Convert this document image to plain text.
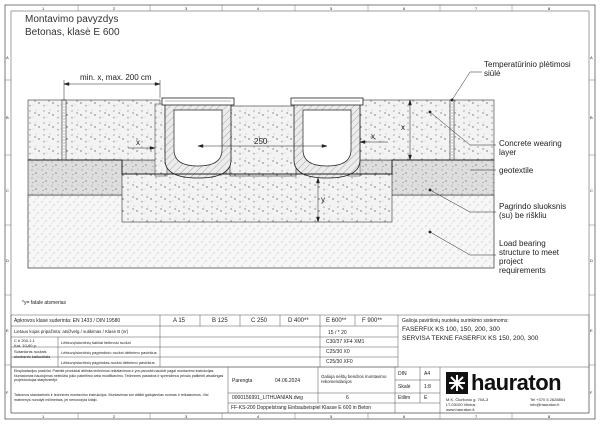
Montavimo pavyzdys
Betonas, klasė E 600
min. x, max. 200 cm
250
x
x
x
y
Temperatūrinio plėtimosi
siūlė
Concrete wearing
layer
geotextile
Pagrindo sluoksnis
(su) be riškliu
Load bearing
structure to meet
project
requirements
*y= fatale atsmerias
A
B
C
D
E
F
A
B
C
D
E
F
1	2	3	4	5	6	7	8
1	2	3	4	5	6	7	8
Apkrovos klasė suderinta: EN 1433 / DIN 19580
Lietaus kojas pripažinta: atsižvelg / sutikimas / Klasė B (nr)
A 15	B 125	C 250	D 400**	E 600**	F 900**
15 / * 20
C b 200-1.1
Kat. 10-60 p.
Lėktuvų/siuntinių šalčiai lietimosi ruožai	C30/37 XF4 XM1
Sutankinis ruožais
sluoksnio kalkuoliais
Lėktuvų/siuntinių pagrindinio ruožai dėtinimo paviršius	C25/30 X0
Lėktuvų/siuntinių pagrindas ruožai dėtinimo paviršius	C25/30 XF0
Galioja paviršinių nuotekų surinkimo sistemoms:
FASERFIX KS 100, 150, 200, 300
SERVISA TEKNE FASERFIX KS 150, 200, 300
Eksploatacijos pradžiai. Pateikti produktai atitinka techninius reikalavimus ir yra paruošti naudoti pagal montavimo instrukcijas. Numatomas naudojimas neleidžia jokio pakeitimo arba modifikavimo. Technines pastabos ir sprendimus privalo patikrinti atsakingas projektuotojas statybvietėje.
Taikomos standartinės ir techninės montavimo instrukcijos. Montavimas turi atitikti galiojančias normas ir reikalavimus. Visi matmenys nurodyti milimetrais, jei nenurodyta kitaip.
Parengta	04.06.2024
Galioja nėštų bendros montavimo rekomendacijos
0000156991_LITHUANIAN.dwg	6
FF-KS-200 Doppelstrang Einbaubeispiel Klasse E 600 in Beton
DIN	A4
Skalė	1:8
Etilim	E
hauraton
M.K. Čiurlionio g. 70A-3
LT-03100 Vilnius
www.hauraton.lt
Tel +370 5 2628854
info@hauraton.lt
